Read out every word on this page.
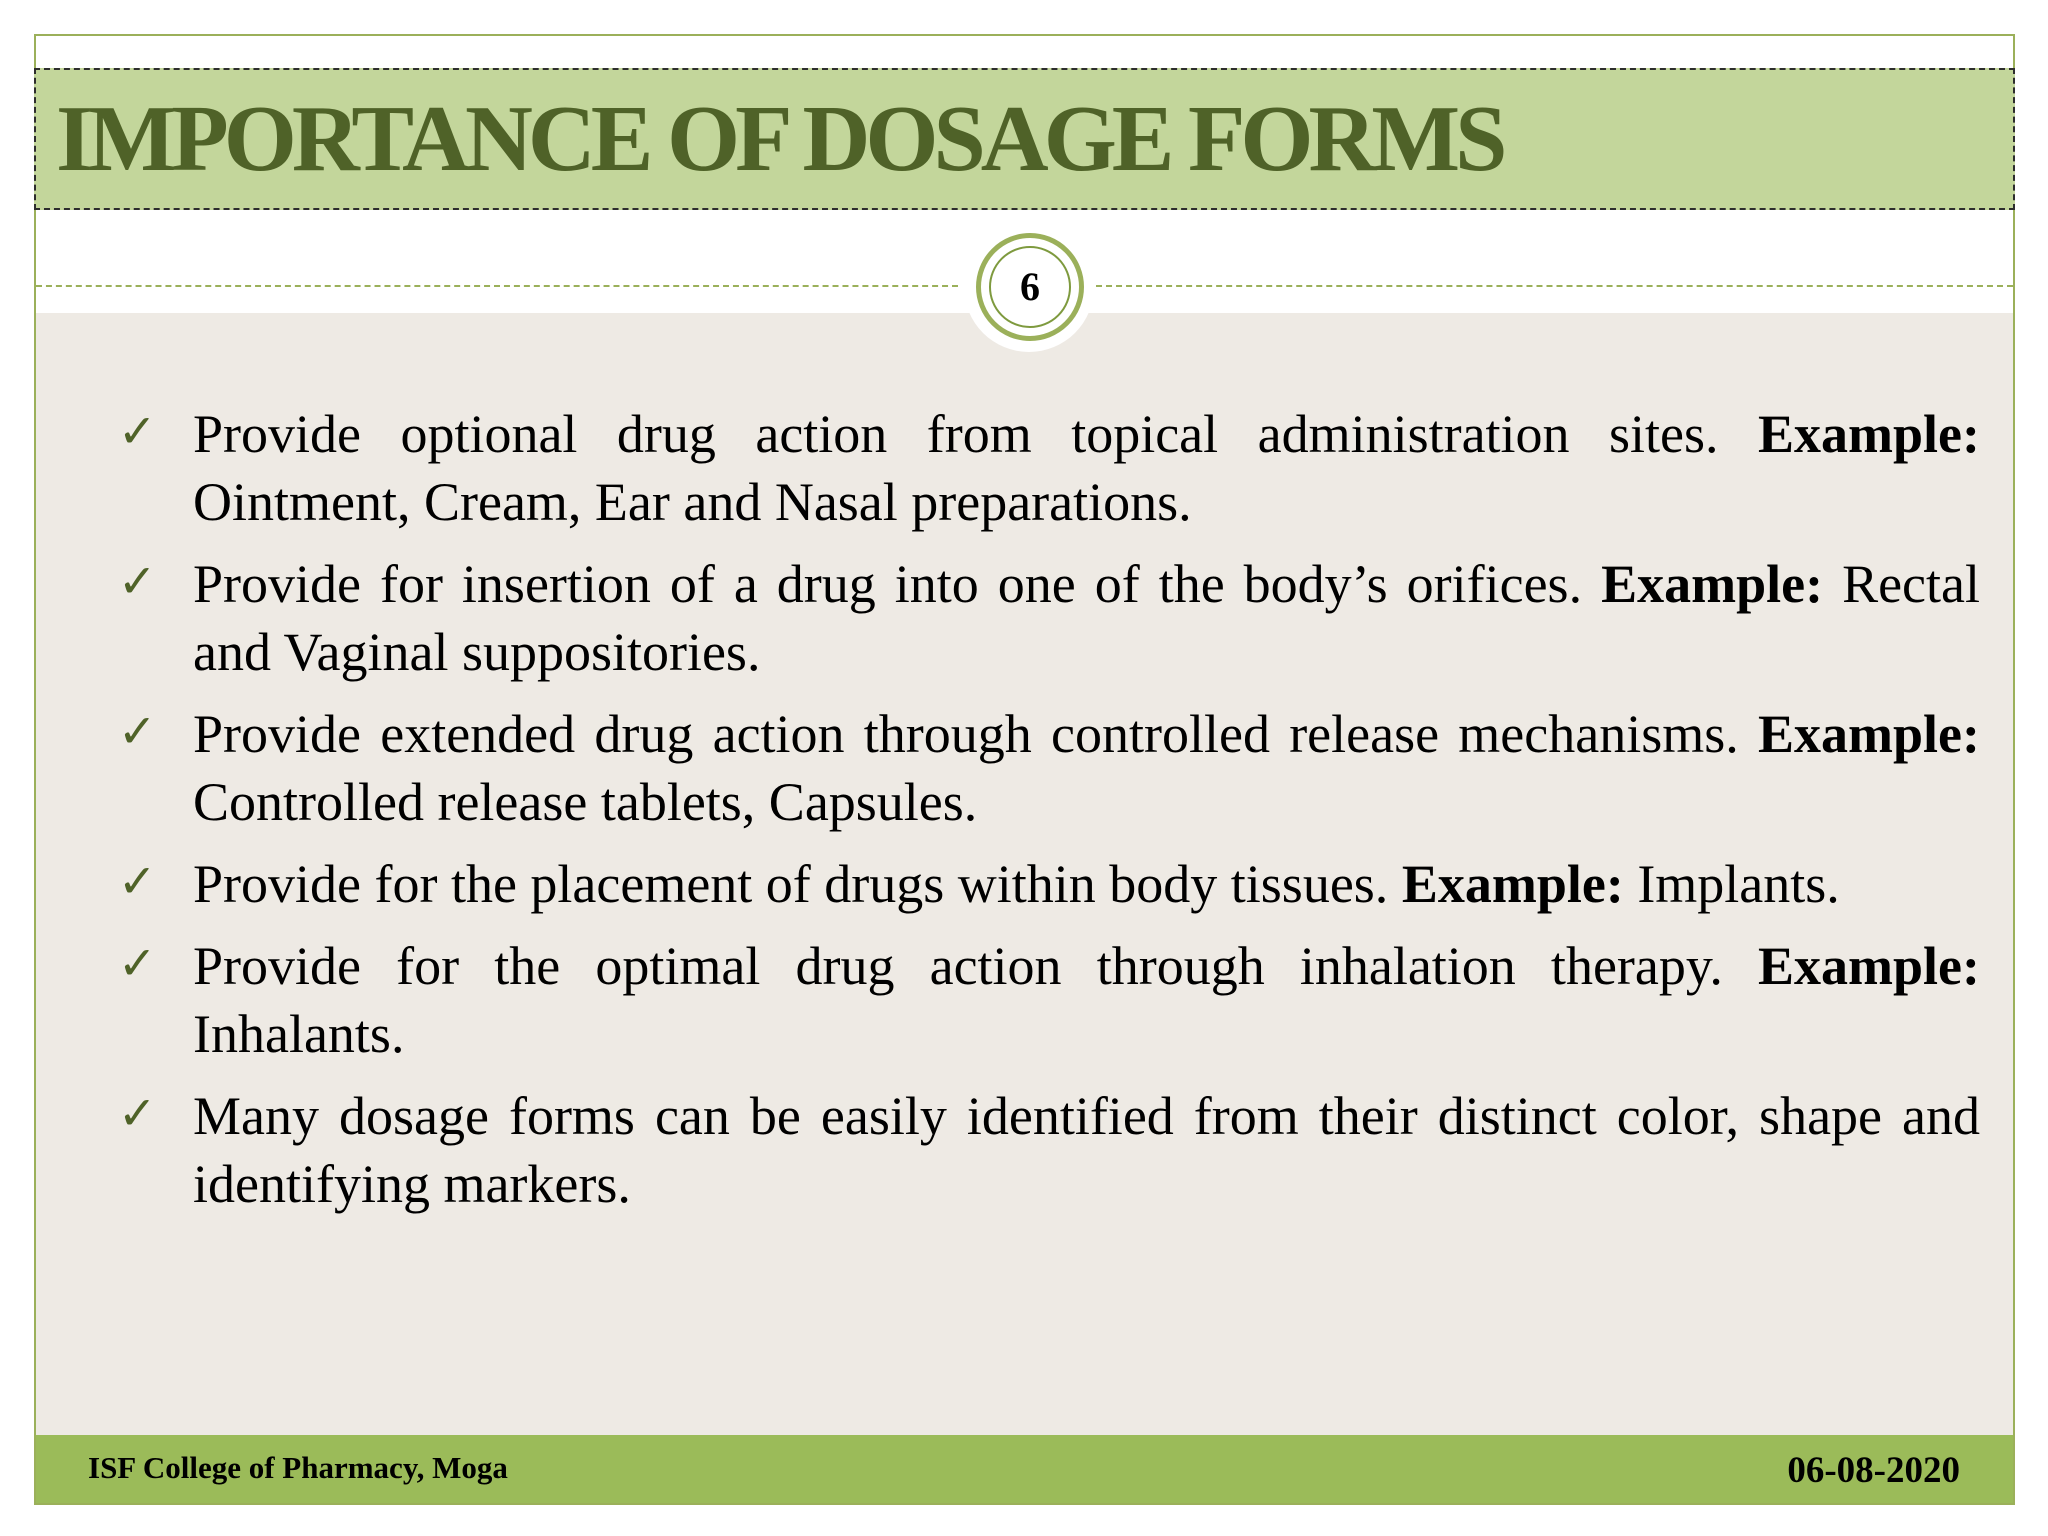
IMPORTANCE OF DOSAGE FORMS
6
✓ Provide optional drug action from topical administration sites. Example: Ointment, Cream, Ear and Nasal preparations.
✓ Provide for insertion of a drug into one of the body’s orifices. Example: Rectal and Vaginal suppositories.
✓ Provide extended drug action through controlled release mechanisms. Example: Controlled release tablets, Capsules.
✓ Provide for the placement of drugs within body tissues. Example: Implants.
✓ Provide for the optimal drug action through inhalation therapy. Example: Inhalants.
✓ Many dosage forms can be easily identified from their distinct color, shape and identifying markers.

ISF College of Pharmacy, Moga	06-08-2020
